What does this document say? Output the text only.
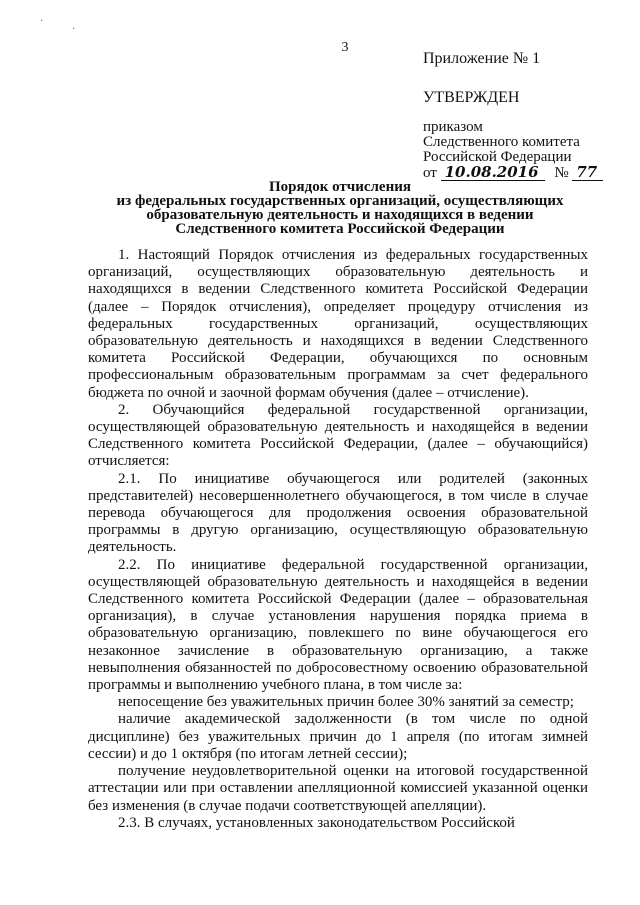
·
·
3
Приложение № 1
УТВЕРЖДЕН
приказом
Следственного комитета
Российской Федерации
от 10.08.2016 № 77
Порядок отчисления
из федеральных государственных организаций, осуществляющих
образовательную деятельность и находящихся в ведении
Следственного комитета Российской Федерации

1. Настоящий Порядок отчисления из федеральных государственных организаций, осуществляющих образовательную деятельность и находящихся в ведении Следственного комитета Российской Федерации (далее – Порядок отчисления), определяет процедуру отчисления из федеральных государственных организаций, осуществляющих образовательную деятельность и находящихся в ведении Следственного комитета Российской Федерации, обучающихся по основным профессиональным образовательным программам за счет федерального бюджета по очной и заочной формам обучения (далее – отчисление).

2. Обучающийся федеральной государственной организации, осуществляющей образовательную деятельность и находящейся в ведении Следственного комитета Российской Федерации, (далее – обучающийся) отчисляется:

2.1. По инициативе обучающегося или родителей (законных представителей) несовершеннолетнего обучающегося, в том числе в случае перевода обучающегося для продолжения освоения образовательной программы в другую организацию, осуществляющую образовательную деятельность.

2.2. По инициативе федеральной государственной организации, осуществляющей образовательную деятельность и находящейся в ведении Следственного комитета Российской Федерации (далее – образовательная организация), в случае установления нарушения порядка приема в образовательную организацию, повлекшего по вине обучающегося его незаконное зачисление в образовательную организацию, а также невыполнения обязанностей по добросовестному освоению образовательной программы и выполнению учебного плана, в том числе за:

непосещение без уважительных причин более 30% занятий за семестр;

наличие академической задолженности (в том числе по одной дисциплине) без уважительных причин до 1 апреля (по итогам зимней сессии) и до 1 октября (по итогам летней сессии);

получение неудовлетворительной оценки на итоговой государственной аттестации или при оставлении апелляционной комиссией указанной оценки без изменения (в случае подачи соответствующей апелляции).

2.3. В случаях, установленных законодательством Российской
